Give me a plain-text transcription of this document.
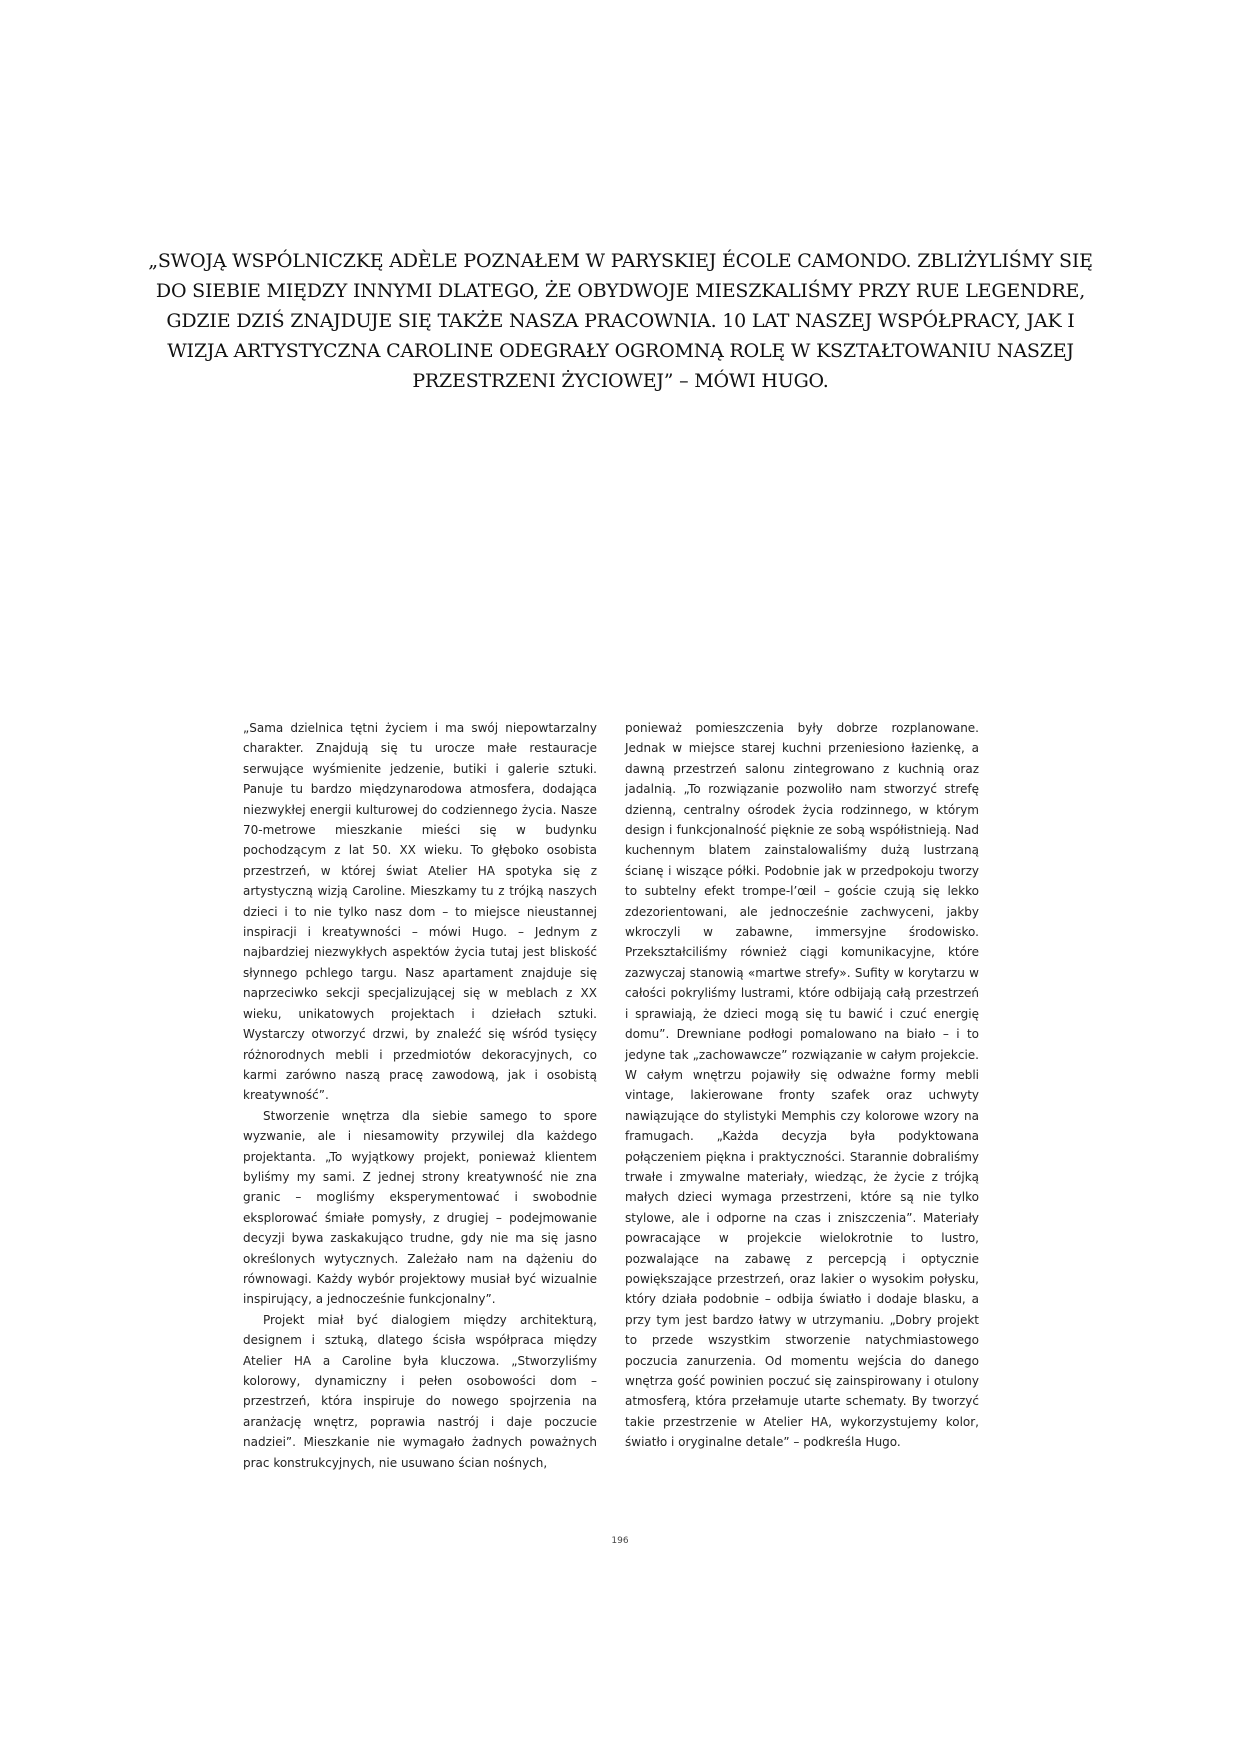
„SWOJĄ WSPÓLNICZKĘ ADÈLE POZNAŁEM W PARYSKIEJ ÉCOLE CAMONDO. ZBLIŻYLIŚMY SIĘ DO SIEBIE MIĘDZY INNYMI DLATEGO, ŻE OBYDWOJE MIESZKALIŚMY PRZY RUE LEGENDRE, GDZIE DZIŚ ZNAJDUJE SIĘ TAKŻE NASZA PRACOWNIA. 10 LAT NASZEJ WSPÓŁPRACY, JAK I WIZJA ARTYSTYCZNA CAROLINE ODEGRAŁY OGROMNĄ ROLĘ W KSZTAŁTOWANIU NASZEJ PRZESTRZENI ŻYCIOWEJ” – MÓWI HUGO.

„Sama dzielnica tętni życiem i ma swój niepowtarzalny charakter. Znajdują się tu urocze małe restauracje serwujące wyśmienite jedzenie, butiki i galerie sztuki. Panuje tu bardzo międzynarodowa atmosfera, dodająca niezwykłej energii kulturowej do codziennego życia. Nasze 70-metrowe mieszkanie mieści się w budynku pochodzącym z lat 50. XX wieku. To głęboko osobista przestrzeń, w której świat Atelier HA spotyka się z artystyczną wizją Caroline. Mieszkamy tu z trójką naszych dzieci i to nie tylko nasz dom – to miejsce nieustannej inspiracji i kreatywności – mówi Hugo. – Jednym z najbardziej niezwykłych aspektów życia tutaj jest bliskość słynnego pchlego targu. Nasz apartament znajduje się naprzeciwko sekcji specjalizującej się w meblach z XX wieku, unikatowych projektach i dziełach sztuki. Wystarczy otworzyć drzwi, by znaleźć się wśród tysięcy różnorodnych mebli i przedmiotów dekoracyjnych, co karmi zarówno naszą pracę zawodową, jak i osobistą kreatywność”.

Stworzenie wnętrza dla siebie samego to spore wyzwanie, ale i niesamowity przywilej dla każdego projektanta. „To wyjątkowy projekt, ponieważ klientem byliśmy my sami. Z jednej strony kreatywność nie zna granic – mogliśmy eksperymentować i swobodnie eksplorować śmiałe pomysły, z drugiej – podejmowanie decyzji bywa zaskakująco trudne, gdy nie ma się jasno określonych wytycznych. Zależało nam na dążeniu do równowagi. Każdy wybór projektowy musiał być wizualnie inspirujący, a jednocześnie funkcjonalny”.

Projekt miał być dialogiem między architekturą, designem i sztuką, dlatego ścisła współpraca między Atelier HA a Caroline była kluczowa. „Stworzyliśmy kolorowy, dynamiczny i pełen osobowości dom – przestrzeń, która inspiruje do nowego spojrzenia na aranżację wnętrz, poprawia nastrój i daje poczucie nadziei”. Mieszkanie nie wymagało żadnych poważnych prac konstrukcyjnych, nie usuwano ścian nośnych,

ponieważ pomieszczenia były dobrze rozplanowane. Jednak w miejsce starej kuchni przeniesiono łazienkę, a dawną przestrzeń salonu zintegrowano z kuchnią oraz jadalnią. „To rozwiązanie pozwoliło nam stworzyć strefę dzienną, centralny ośrodek życia rodzinnego, w którym design i funkcjonalność pięknie ze sobą współistnieją. Nad kuchennym blatem zainstalowaliśmy dużą lustrzaną ścianę i wiszące półki. Podobnie jak w przedpokoju tworzy to subtelny efekt trompe-l’œil – goście czują się lekko zdezorientowani, ale jednocześnie zachwyceni, jakby wkroczyli w zabawne, immersyjne środowisko. Przekształciliśmy również ciągi komunikacyjne, które zazwyczaj stanowią «martwe strefy». Sufity w korytarzu w całości pokryliśmy lustrami, które odbijają całą przestrzeń i sprawiają, że dzieci mogą się tu bawić i czuć energię domu”. Drewniane podłogi pomalowano na biało – i to jedyne tak „zachowawcze” rozwiązanie w całym projekcie. W całym wnętrzu pojawiły się odważne formy mebli vintage, lakierowane fronty szafek oraz uchwyty nawiązujące do stylistyki Memphis czy kolorowe wzory na framugach. „Każda decyzja była podyktowana połączeniem piękna i praktyczności. Starannie dobraliśmy trwałe i zmywalne materiały, wiedząc, że życie z trójką małych dzieci wymaga przestrzeni, które są nie tylko stylowe, ale i odporne na czas i zniszczenia”. Materiały powracające w projekcie wielokrotnie to lustro, pozwalające na zabawę z percepcją i optycznie powiększające przestrzeń, oraz lakier o wysokim połysku, który działa podobnie – odbija światło i dodaje blasku, a przy tym jest bardzo łatwy w utrzymaniu. „Dobry projekt to przede wszystkim stworzenie natychmiastowego poczucia zanurzenia. Od momentu wejścia do danego wnętrza gość powinien poczuć się zainspirowany i otulony atmosferą, która przełamuje utarte schematy. By tworzyć takie przestrzenie w Atelier HA, wykorzystujemy kolor, światło i oryginalne detale” – podkreśla Hugo.

196
